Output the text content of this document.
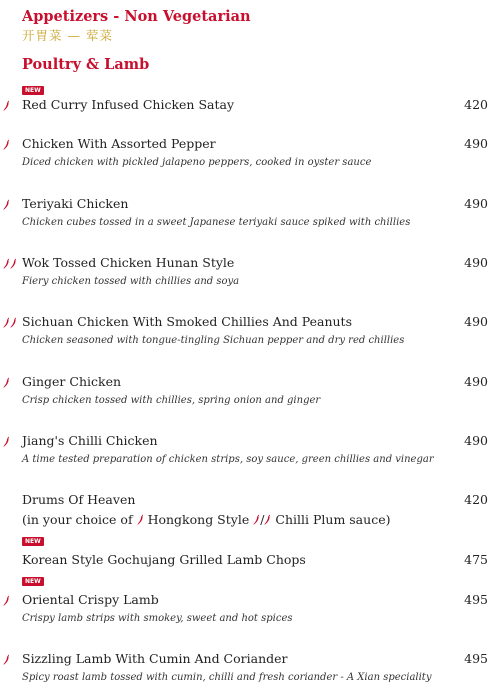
Appetizers - Non Vegetarian
开胃菜 — 荤菜
Poultry & Lamb
NEW
Red Curry Infused Chicken Satay	420
Chicken With Assorted Pepper	490
Diced chicken with pickled jalapeno peppers, cooked in oyster sauce
Teriyaki Chicken	490
Chicken cubes tossed in a sweet Japanese teriyaki sauce spiked with chillies
Wok Tossed Chicken Hunan Style	490
Fiery chicken tossed with chillies and soya
Sichuan Chicken With Smoked Chillies And Peanuts	490
Chicken seasoned with tongue-tingling Sichuan pepper and dry red chillies
Ginger Chicken	490
Crisp chicken tossed with chillies, spring onion and ginger
Jiang's Chilli Chicken	490
A time tested preparation of chicken strips, soy sauce, green chillies and vinegar
Drums Of Heaven	420
(in your choice of Hongkong Style / Chilli Plum sauce)
NEW
Korean Style Gochujang Grilled Lamb Chops	475
NEW
Oriental Crispy Lamb	495
Crispy lamb strips with smokey, sweet and hot spices
Sizzling Lamb With Cumin And Coriander	495
Spicy roast lamb tossed with cumin, chilli and fresh coriander - A Xian speciality
